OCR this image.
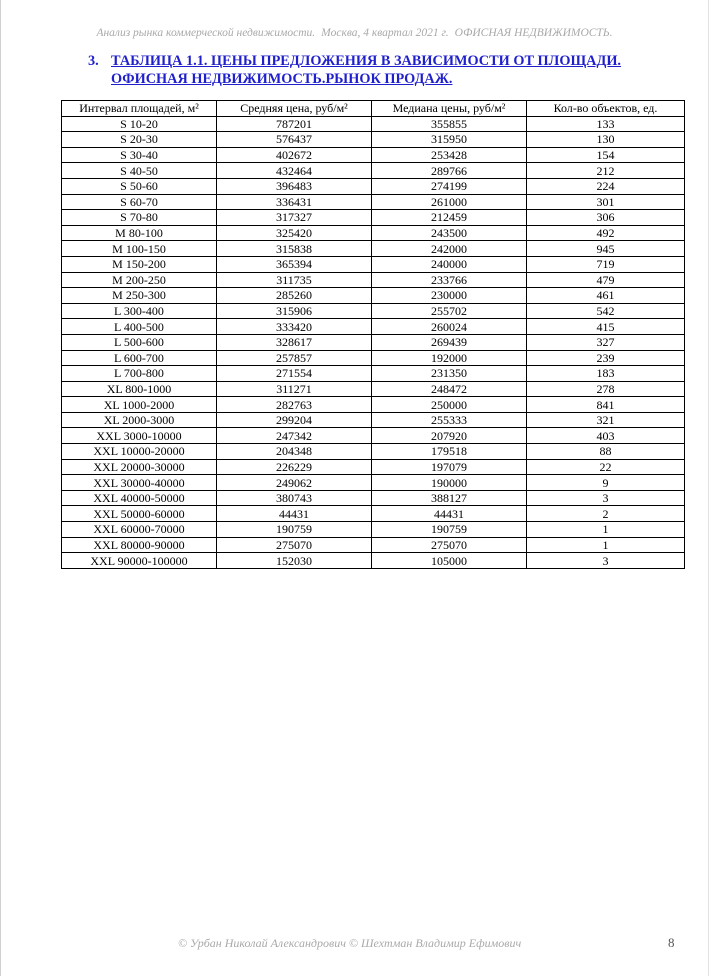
Анализ рынка коммерческой недвижимости. Москва, 4 квартал 2021 г. ОФИСНАЯ НЕДВИЖИМОСТЬ.
3. ТАБЛИЦА 1.1. ЦЕНЫ ПРЕДЛОЖЕНИЯ В ЗАВИСИМОСТИ ОТ ПЛОЩАДИ.
ОФИСНАЯ НЕДВИЖИМОСТЬ.РЫНОК ПРОДАЖ.
Интервал площадей, м²	Средняя цена, руб/м²	Медиана цены, руб/м²	Кол-во объектов, ед.
S 10-20	787201	355855	133
S 20-30	576437	315950	130
S 30-40	402672	253428	154
S 40-50	432464	289766	212
S 50-60	396483	274199	224
S 60-70	336431	261000	301
S 70-80	317327	212459	306
M 80-100	325420	243500	492
M 100-150	315838	242000	945
M 150-200	365394	240000	719
M 200-250	311735	233766	479
M 250-300	285260	230000	461
L 300-400	315906	255702	542
L 400-500	333420	260024	415
L 500-600	328617	269439	327
L 600-700	257857	192000	239
L 700-800	271554	231350	183
XL 800-1000	311271	248472	278
XL 1000-2000	282763	250000	841
XL 2000-3000	299204	255333	321
XXL 3000-10000	247342	207920	403
XXL 10000-20000	204348	179518	88
XXL 20000-30000	226229	197079	22
XXL 30000-40000	249062	190000	9
XXL 40000-50000	380743	388127	3
XXL 50000-60000	44431	44431	2
XXL 60000-70000	190759	190759	1
XXL 80000-90000	275070	275070	1
XXL 90000-100000	152030	105000	3
© Урбан Николай Александрович © Шехтман Владимир Ефимович	8
